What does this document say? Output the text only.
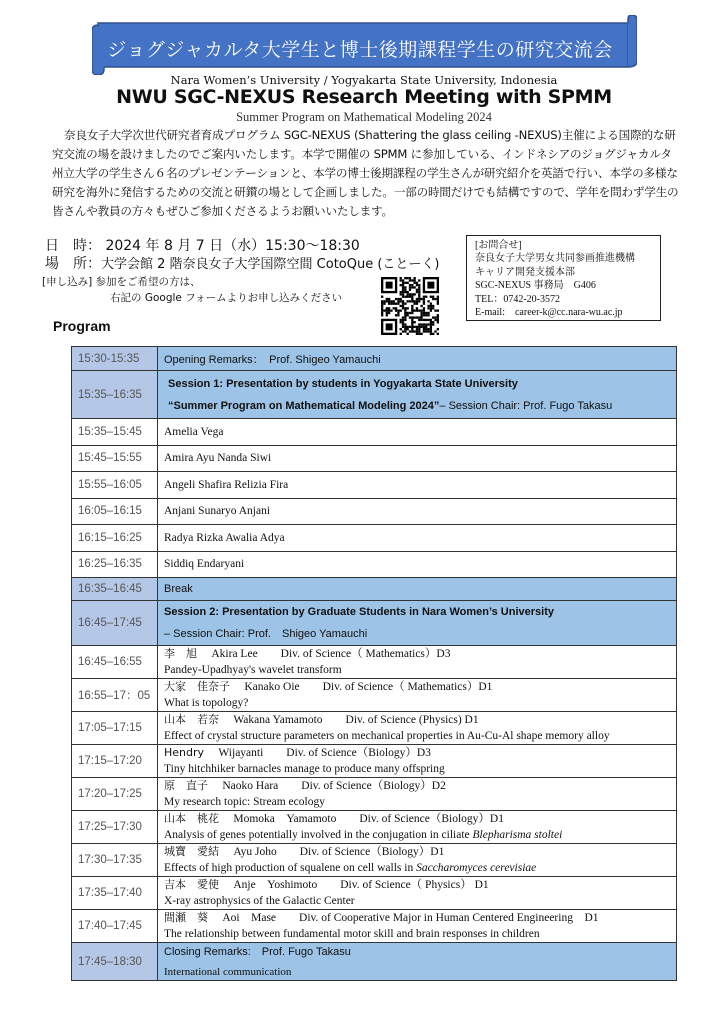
ジョグジャカルタ大学生と博士後期課程学生の研究交流会
Nara Women’s University / Yogyakarta State University, Indonesia
NWU SGC-NEXUS Research Meeting with SPMM
Summer Program on Mathematical Modeling 2024
奈良女子大学次世代研究者育成プログラム SGC-NEXUS (Shattering the glass ceiling -NEXUS)主催による国際的な研究交流の場を設けましたのでご案内いたします。本学で開催の SPMM に参加している、インドネシアのジョグジャカルタ州立大学の学生さん６名のプレゼンテーションと、本学の博士後期課程の学生さんが研究紹介を英語で行い、本学の多様な研究を海外に発信するための交流と研鑚の場として企画しました。一部の時間だけでも結構ですので、学年を問わず学生の皆さんや教員の方々もぜひご参加くださるようお願いいたします。
日　時： 2024 年 8 月 7 日（水）15:30〜18:30
場　所：大学会館 2 階奈良女子大学国際空間 CotoQue (ことーく)
[申し込み] 参加をご希望の方は、
右記の Google フォームよりお申し込みください
[お問合せ]
奈良女子大学男女共同参画推進機構
キャリア開発支援本部
SGC-NEXUS 事務局　G406
TEL：0742-20-3572
E-mail:　career-k@cc.nara-wu.ac.jp
Program
15:30-15:35	Opening Remarks：　Prof. Shigeo Yamauchi
15:35–16:35	Session 1: Presentation by students in Yogyakarta State University
“Summer Program on Mathematical Modeling 2024”– Session Chair: Prof. Fugo Takasu

15:35–15:45	Amelia Vega
15:45–15:55	Amira Ayu Nanda Siwi
15:55–16:05	Angeli Shafira Relizia Fira
16:05–16:15	Anjani Sunaryo Anjani
16:15–16:25	Radya Rizka Awalia Adya
16:25–16:35	Siddiq Endaryani
16:35–16:45	Break
16:45–17:45	Session 2: Presentation by Graduate Students in Nara Women’s University
– Session Chair: Prof.　Shigeo Yamauchi

16:45–16:55	李　旭 Akira Lee Div. of Science（ Mathematics）D3
Pandey-Upadhyay's wavelet transform

16:55–17：05	大家　佳奈子 Kanako Oie Div. of Science（ Mathematics）D1
What is topology?

17:05–17:15	山本　若奈 Wakana Yamamoto Div. of Science (Physics) D1
Effect of crystal structure parameters on mechanical properties in Au-Cu-Al shape memory alloy

17:15–17:20	Hendry Wijayanti Div. of Science（Biology）D3
Tiny hitchhiker barnacles manage to produce many offspring

17:20–17:25	原　直子 Naoko Hara Div. of Science（Biology）D2
My research topic: Stream ecology

17:25–17:30	山本　桃花 Momoka　Yamamoto Div. of Science（Biology）D1
Analysis of genes potentially involved in the conjugation in ciliate Blepharisma stoltei

17:30–17:35	城寶　愛結 Ayu Joho Div. of Science（Biology）D1
Effects of high production of squalene on cell walls in Saccharomyces cerevisiae

17:35–17:40	吉本　愛使 Anje　Yoshimoto Div. of Science（ Physics） D1
X-ray astrophysics of the Galactic Center

17:40–17:45	間瀬　葵 Aoi　Mase Div. of Cooperative Major in Human Centered Engineering　D1
The relationship between fundamental motor skill and brain responses in children

17:45–18:30	Closing Remarks:　Prof. Fugo Takasu
International communication
